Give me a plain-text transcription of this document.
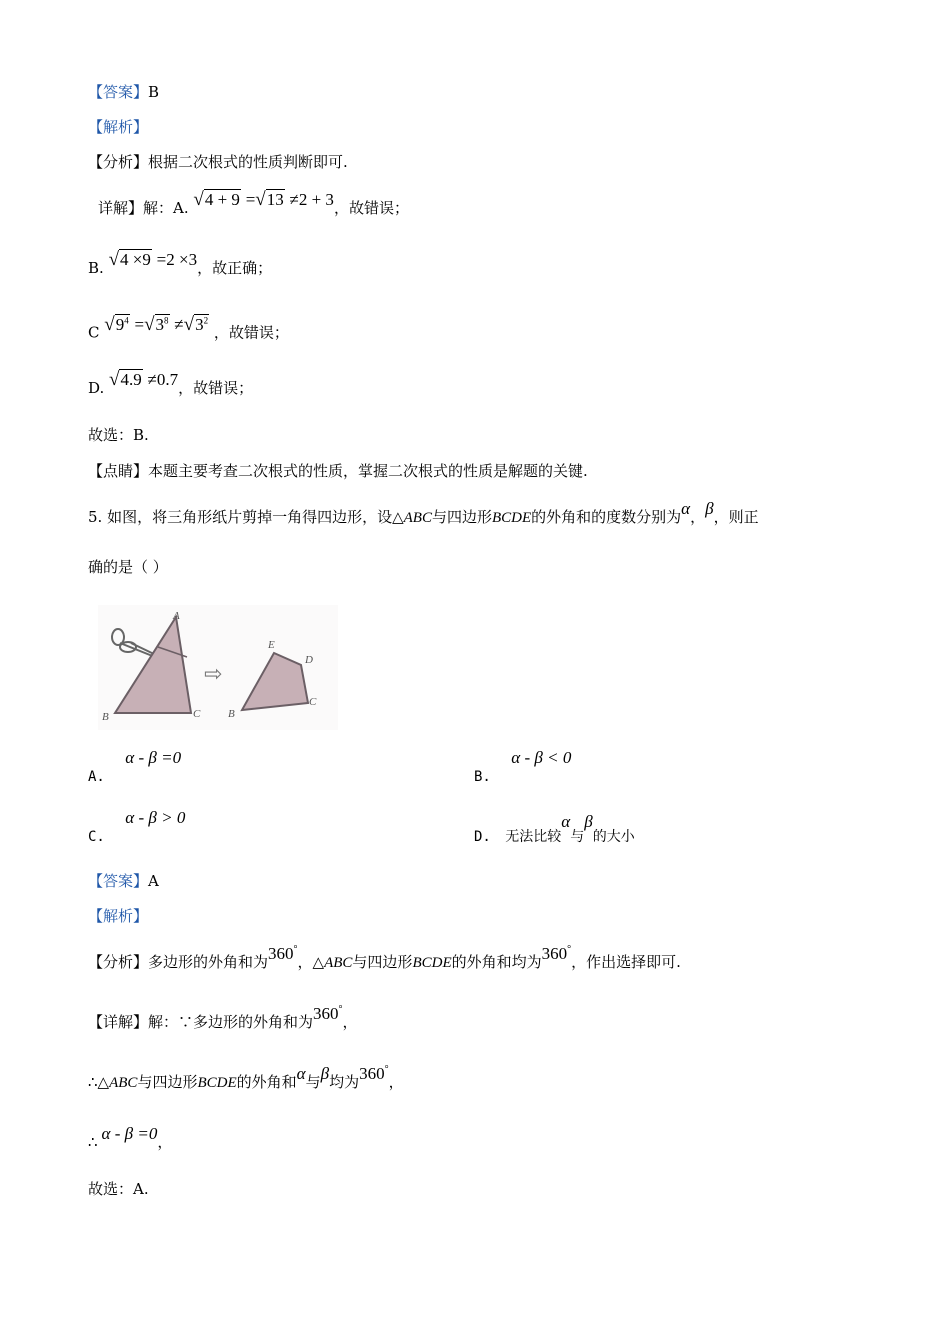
【答案】B
【解析】
【分析】根据二次根式的性质判断即可.
详解】解：A. √4 + 9 =√13 ≠2 + 3，故错误；
B. √4 ×9 =2 ×3，故正确；
C $√9^4 =√3^8 \ne√3^2$ ，故错误；
D. √4.9 ≠0.7，故错误；
故选：B.
【点睛】本题主要考查二次根式的性质，掌握二次根式的性质是解题的关键.
5. 如图，将三角形纸片剪掉一角得四边形，设△ABC与四边形BCDE的外角和的度数分别为α，β，则正
确的是（ ）
A
B	C
⇨
E
D
B
C
A. α - β =0
B. α - β < 0
C. α - β > 0
D. 无法比较α与β的大小
【答案】A
【解析】
【分析】多边形的外角和为360°，△ABC与四边形BCDE的外角和均为360°，作出选择即可.
【详解】解：∵多边形的外角和为360°，
∴△ABC与四边形BCDE的外角和α与β均为360°，
∴ α - β =0，
故选：A.
